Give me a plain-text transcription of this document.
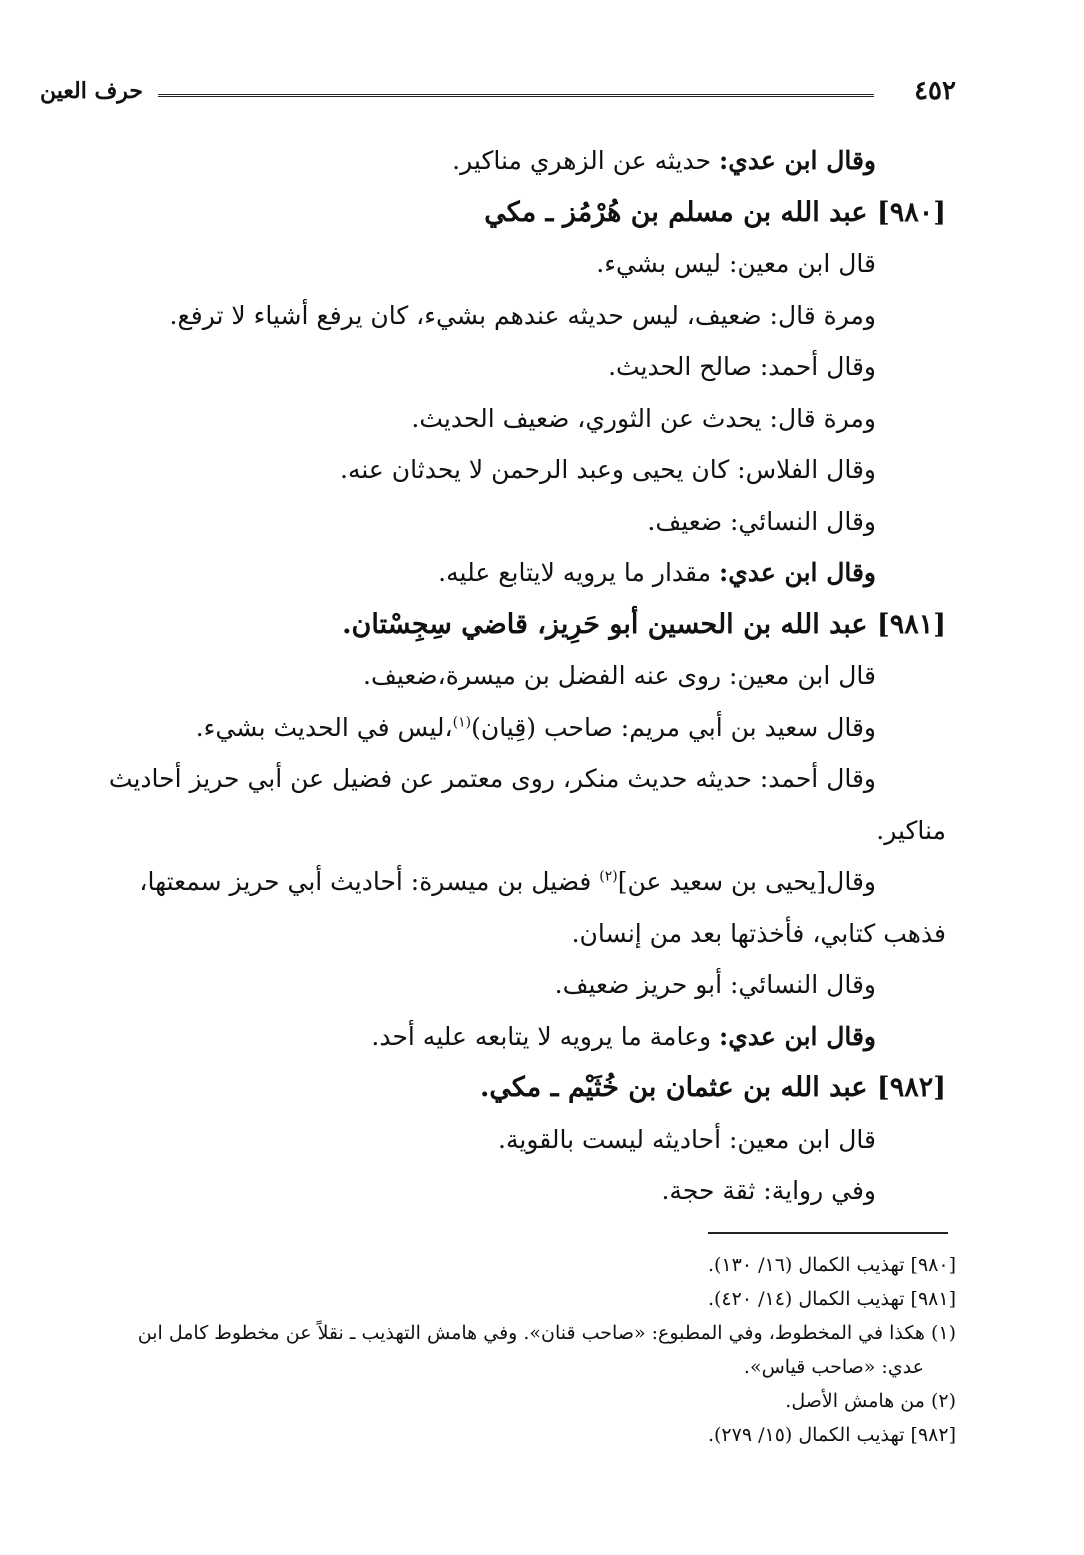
٤٥٢
حرف العين
وقال ابن عدي: حديثه عن الزهري مناكير.
[٩٨٠] عبد الله بن مسلم بن هُرْمُز ـ مكي
قال ابن معين: ليس بشيء.
ومرة قال: ضعيف، ليس حديثه عندهم بشيء، كان يرفع أشياء لا ترفع.
وقال أحمد: صالح الحديث.
ومرة قال: يحدث عن الثوري، ضعيف الحديث.
وقال الفلاس: كان يحيى وعبد الرحمن لا يحدثان عنه.
وقال النسائي: ضعيف.
وقال ابن عدي: مقدار ما يرويه لايتابع عليه.
[٩٨١] عبد الله بن الحسين أبو حَرِيز، قاضي سِجِسْتان.
قال ابن معين: روى عنه الفضل بن ميسرة،ضعيف.
وقال سعيد بن أبي مريم: صاحب (قِيان)$^{(١)}$،ليس في الحديث بشيء.
وقال أحمد: حديثه حديث منكر، روى معتمر عن فضيل عن أبي حريز أحاديث
مناكير.
وقال[يحيى بن سعيد عن]$^{(٢)}$ فضيل بن ميسرة: أحاديث أبي حريز سمعتها،
فذهب كتابي، فأخذتها بعد من إنسان.
وقال النسائي: أبو حريز ضعيف.
وقال ابن عدي: وعامة ما يرويه لا يتابعه عليه أحد.
[٩٨٢] عبد الله بن عثمان بن خُثَيْم ـ مكي.
قال ابن معين: أحاديثه ليست بالقوية.
وفي رواية: ثقة حجة.
[٩٨٠] تهذيب الكمال (١٦/ ١٣٠).
[٩٨١] تهذيب الكمال (١٤/ ٤٢٠).
(١) هكذا في المخطوط، وفي المطبوع: «صاحب قنان». وفي هامش التهذيب ـ نقلاً عن مخطوط كامل ابن
عدي: «صاحب قياس».
(٢) من هامش الأصل.
[٩٨٢] تهذيب الكمال (١٥/ ٢٧٩).
